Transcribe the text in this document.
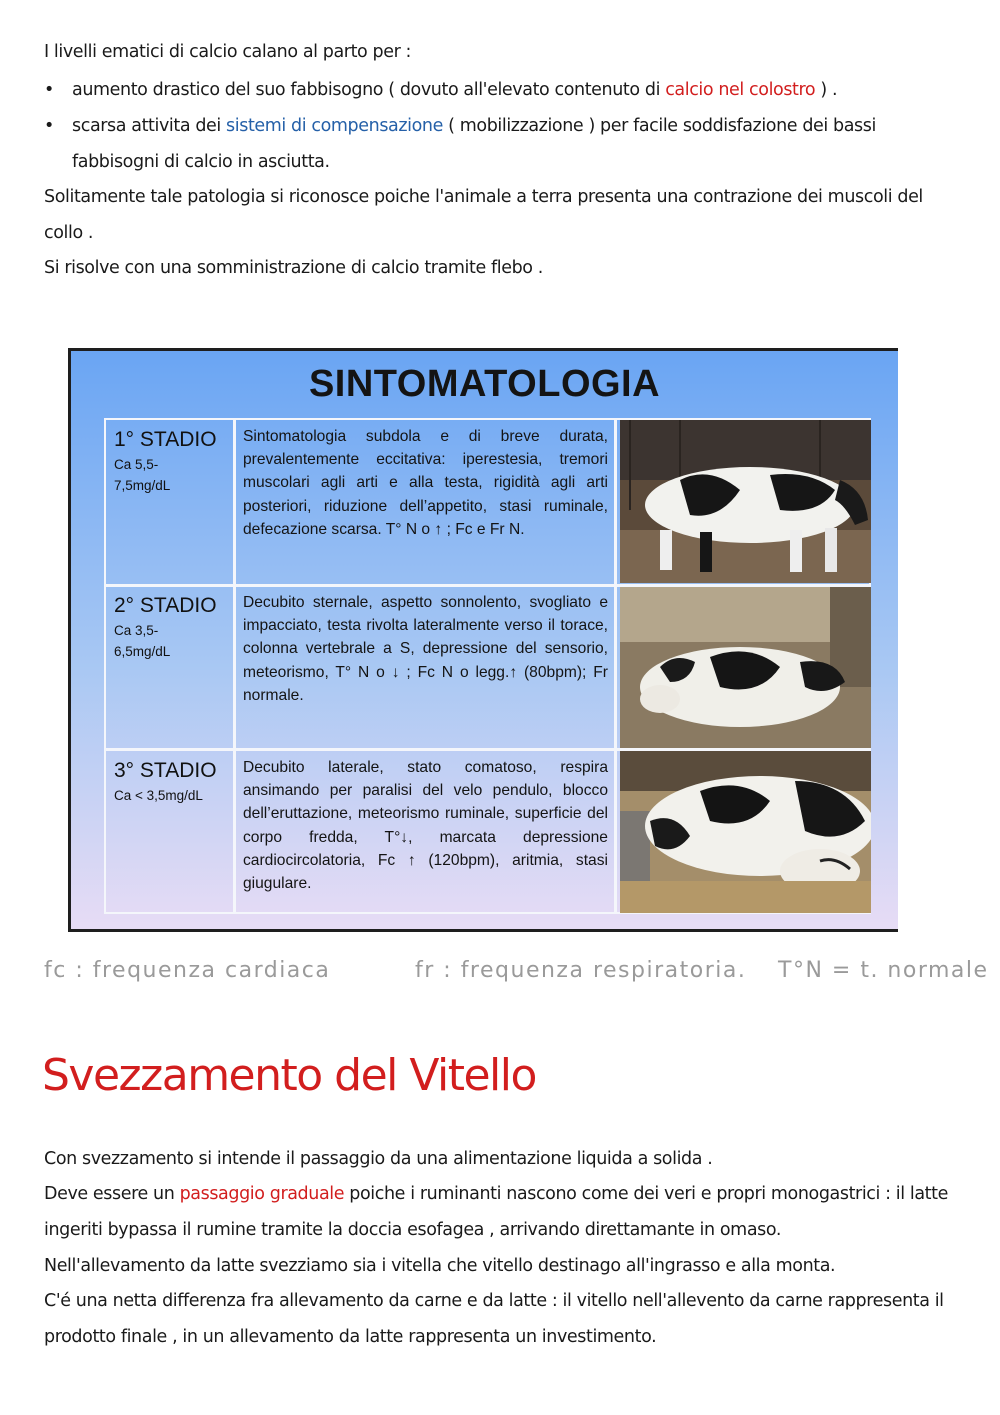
I livelli ematici di calcio calano al parto per :
• aumento drastico del suo fabbisogno ( dovuto all'elevato contenuto di calcio nel colostro ) .
• scarsa attivita dei sistemi di compensazione ( mobilizzazione ) per facile soddisfazione dei bassi
fabbisogni di calcio in asciutta.
Solitamente tale patologia si riconosce poiche l'animale a terra presenta una contrazione dei muscoli del
collo .
Si risolve con una somministrazione di calcio tramite flebo .
SINTOMATOLOGIA
1° STADIO
Ca 5,5-
7,5mg/dL
Sintomatologia subdola e di breve durata, prevalentemente eccitativa: iperestesia, tremori muscolari agli arti e alla testa, rigidità agli arti posteriori, riduzione dell’appetito, stasi ruminale, defecazione scarsa. T° N o ↑ ; Fc e Fr N.
2° STADIO
Ca 3,5-
6,5mg/dL
Decubito sternale, aspetto sonnolento, svogliato e impacciato, testa rivolta lateralmente verso il torace, colonna vertebrale a S, depressione del sensorio, meteorismo, T° N o ↓ ; Fc N o legg.↑ (80bpm); Fr normale.
3° STADIO
Ca < 3,5mg/dL
Decubito laterale, stato comatoso, respira ansimando per paralisi del velo pendulo, blocco dell’eruttazione, meteorismo ruminale, superficie del corpo fredda, T°↓, marcata depressione cardiocircolatoria, Fc ↑ (120bpm), aritmia, stasi giugulare.
fc : frequenza cardiaca	fr : frequenza respiratoria. T°N = t. normale
Svezzamento del Vitello
Con svezzamento si intende il passaggio da una alimentazione liquida a solida .
Deve essere un passaggio graduale poiche i ruminanti nascono come dei veri e propri monogastrici : il latte
ingeriti bypassa il rumine tramite la doccia esofagea , arrivando direttamante in omaso.
Nell'allevamento da latte svezziamo sia i vitella che vitello destinago all'ingrasso e alla monta.
C'é una netta differenza fra allevamento da carne e da latte : il vitello nell'allevento da carne rappresenta il
prodotto finale , in un allevamento da latte rappresenta un investimento.
